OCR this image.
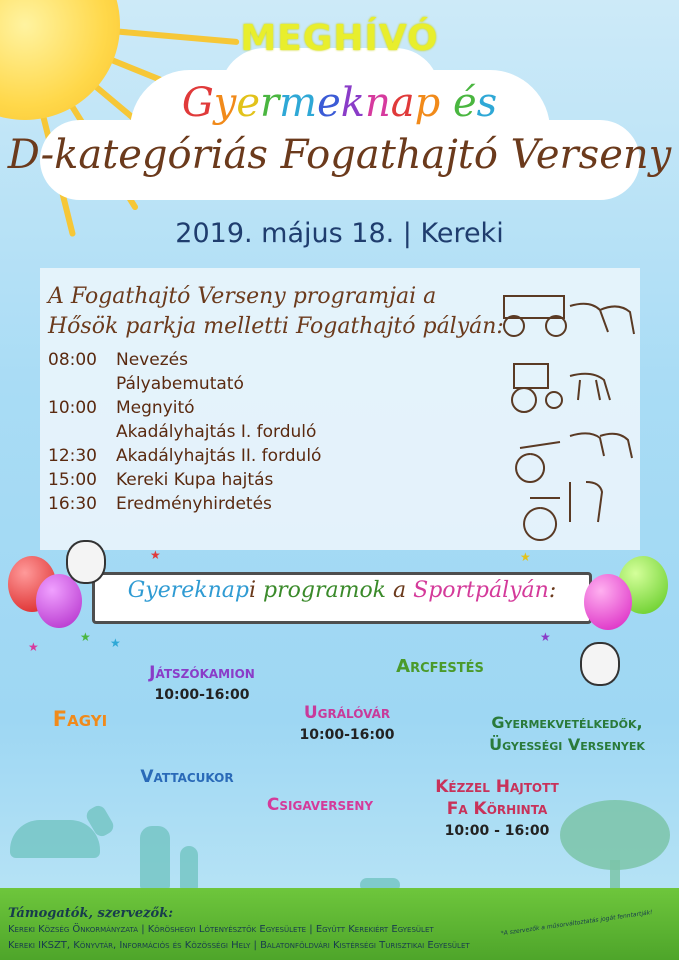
MEGHÍVÓ
Gyermeknap és
D-kategóriás Fogathajtó Verseny
2019. május 18. | Kereki
A Fogathajtó Verseny programjai a
Hősök parkja melletti Fogathajtó pályán:
08:00 Nevezés
Pályabemutató
10:00 Megnyitó
Akadályhajtás I. forduló
12:30 Akadályhajtás II. forduló
15:00 Kereki Kupa hajtás
16:30 Eredményhirdetés
Gyereknapi programok a Sportpályán:
★
★ ★	★
★
★
Játszókamion
10:00-16:00
Arcfestés
Fagyi	Ugrálóvár
10:00-16:00
Gyermekvetélkedők,
Ügyességi Versenyek
Vattacukor	Kézzel Hajtott
Fa Körhinta
10:00 - 16:00
Csigaverseny
Támogatók, szervezők:
Kereki Község Önkormányzata | Köröshegyi Lótenyésztők Egyesülete | Együtt Kerekiért Egyesület
Kereki IKSZT, Könyvtár, Információs és Közösségi Hely | Balatonföldvári Kistérségi Turisztikai Egyesület
*A szervezők a műsorváltoztatás jogát fenntartják!
